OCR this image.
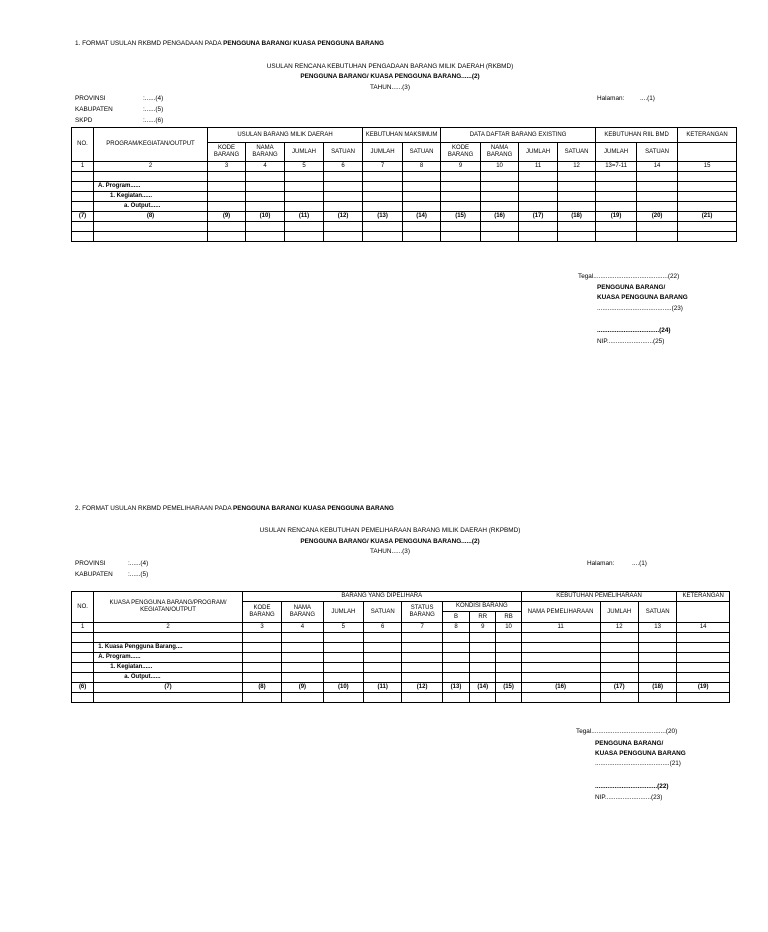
1. FORMAT USULAN RKBMD PENGADAAN PADA PENGGUNA BARANG/ KUASA PENGGUNA BARANG
USULAN RENCANA KEBUTUHAN PENGADAAN BARANG MILIK DAERAH (RKBMD)
PENGGUNA BARANG/ KUASA PENGGUNA BARANG......(2)
TAHUN......(3)
PROVINSI	:......(4)
KABUPATEN	:......(5)
SKPD	:......(6)
Halaman: ....(1)
NO.	PROGRAM/KEGIATAN/OUTPUT	USULAN BARANG MILIK DAERAH				KEBUTUHAN MAKSIMUM		DATA DAFTAR BARANG EXISTING				KEBUTUHAN RIIL BMD		KETERANGAN
		KODE BARANG	NAMA BARANG	JUMLAH	SATUAN	JUMLAH	SATUAN	KODE BARANG	NAMA BARANG	JUMLAH	SATUAN	JUMLAH	SATUAN	
1	2	3	4	5	6	7	8	9	10	11	12	13=7-11	14	15

	A. Program......													
	1. Kegiatan......													
	a. Output......													
(7)	(8)	(9)	(10)	(11)	(12)	(13)	(14)	(15)	(16)	(17)	(18)	(19)	(20)	(21)

Tegal..........................................(22)
PENGGUNA BARANG/
KUASA PENGGUNA BARANG
..........................................(23)
...................................(24)
NIP..........................(25)
2. FORMAT USULAN RKBMD PEMELIHARAAN PADA PENGGUNA BARANG/ KUASA PENGGUNA BARANG
USULAN RENCANA KEBUTUHAN PEMELIHARAAN BARANG MILIK DAERAH (RKPBMD)
PENGGUNA BARANG/ KUASA PENGGUNA BARANG......(2)
TAHUN......(3)
PROVINSI	:......(4)
KABUPATEN :......(5)
Halaman:	....(1)
NO.	KUASA PENGGUNA BARANG/PROGRAM/ KEGIATAN/OUTPUT	BARANG YANG DIPELIHARA								KEBUTUHAN PEMELIHARAAN			KETERANGAN
		KODE BARANG	NAMA BARANG	JUMLAH	SATUAN	STATUS BARANG	KONDISI BARANG			NAMA PEMELIHARAAN	JUMLAH	SATUAN	
							B	RR	RB				
1	2	3	4	5	6	7	8	9	10	11	12	13	14

	1. Kuasa Pengguna Barang....												
	A. Program......												
	1. Kegiatan......												
	a. Output......												
(6)	(7)	(8)	(9)	(10)	(11)	(12)	(13)	(14)	(15)	(16)	(17)	(18)	(19)

Tegal..........................................(20)
PENGGUNA BARANG/
KUASA PENGGUNA BARANG
..........................................(21)
...................................(22)
NIP..........................(23)
